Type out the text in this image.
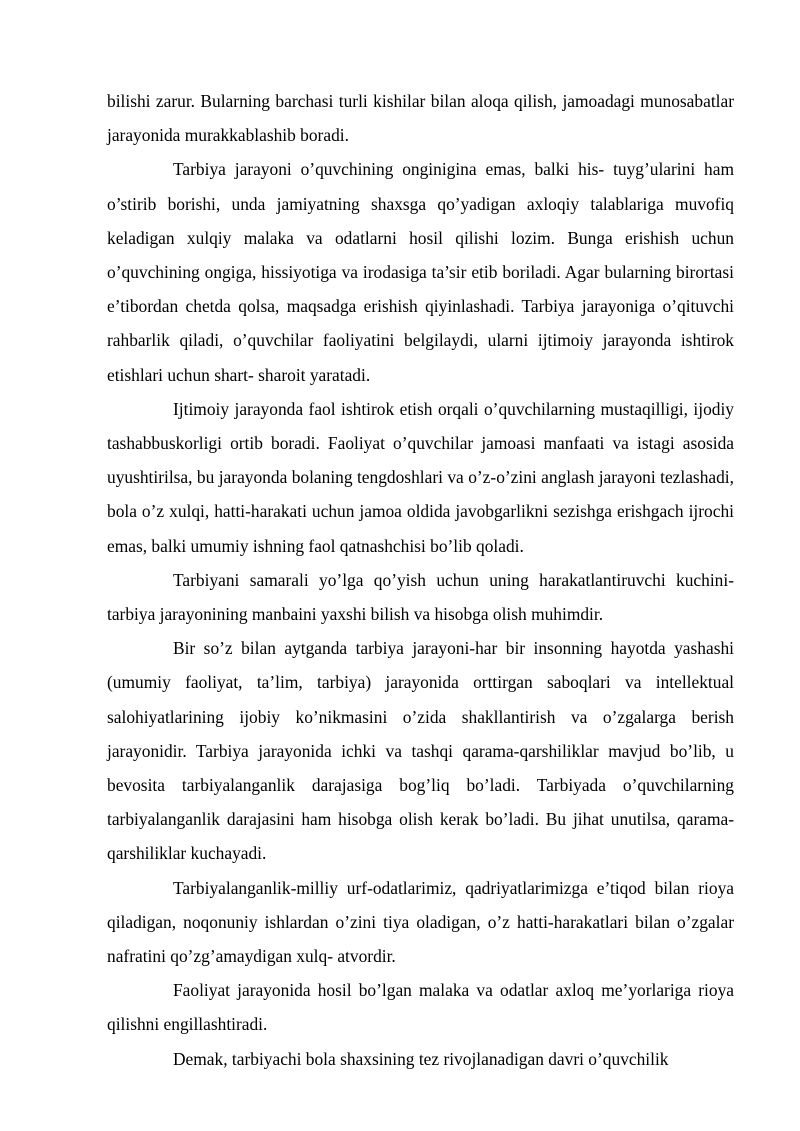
bilishi zarur. Bularning barchasi turli kishilar bilan aloqa qilish, jamoadagi munosabatlar jarayonida murakkablashib boradi.

Tarbiya jarayoni o’quvchining onginigina emas, balki his- tuyg’ularini ham o’stirib borishi, unda jamiyatning shaxsga qo’yadigan axloqiy talablariga muvofiq keladigan xulqiy malaka va odatlarni hosil qilishi lozim. Bunga erishish uchun o’quvchining ongiga, hissiyotiga va irodasiga ta’sir etib boriladi. Agar bularning birortasi e’tibordan chetda qolsa, maqsadga erishish qiyinlashadi. Tarbiya jarayoniga o’qituvchi rahbarlik qiladi, o’quvchilar faoliyatini belgilaydi, ularni ijtimoiy jarayonda ishtirok etishlari uchun shart- sharoit yaratadi.

Ijtimoiy jarayonda faol ishtirok etish orqali o’quvchilarning mustaqilligi, ijodiy tashabbuskorligi ortib boradi. Faoliyat o’quvchilar jamoasi manfaati va istagi asosida uyushtirilsa, bu jarayonda bolaning tengdoshlari va o’z-o’zini anglash jarayoni tezlashadi, bola o’z xulqi, hatti-harakati uchun jamoa oldida javobgarlikni sezishga erishgach ijrochi emas, balki umumiy ishning faol qatnashchisi bo’lib qoladi.

Tarbiyani samarali yo’lga qo’yish uchun uning harakatlantiruvchi kuchini- tarbiya jarayonining manbaini yaxshi bilish va hisobga olish muhimdir.

Bir so’z bilan aytganda tarbiya jarayoni-har bir insonning hayotda yashashi (umumiy faoliyat, ta’lim, tarbiya) jarayonida orttirgan saboqlari va intellektual salohiyatlarining ijobiy ko’nikmasini o’zida shakllantirish va o’zgalarga berish jarayonidir. Tarbiya jarayonida ichki va tashqi qarama-qarshiliklar mavjud bo’lib, u bevosita tarbiyalanganlik darajasiga bog’liq bo’ladi. Tarbiyada o’quvchilarning tarbiyalanganlik darajasini ham hisobga olish kerak bo’ladi. Bu jihat unutilsa, qarama-qarshiliklar kuchayadi.

Tarbiyalanganlik-milliy urf-odatlarimiz, qadriyatlarimizga e’tiqod bilan rioya qiladigan, noqonuniy ishlardan o’zini tiya oladigan, o’z hatti-harakatlari bilan o’zgalar nafratini qo’zg’amaydigan xulq- atvordir.

Faoliyat jarayonida hosil bo’lgan malaka va odatlar axloq me’yorlariga rioya qilishni engillashtiradi.

Demak, tarbiyachi bola shaxsining tez rivojlanadigan davri o’quvchilik
